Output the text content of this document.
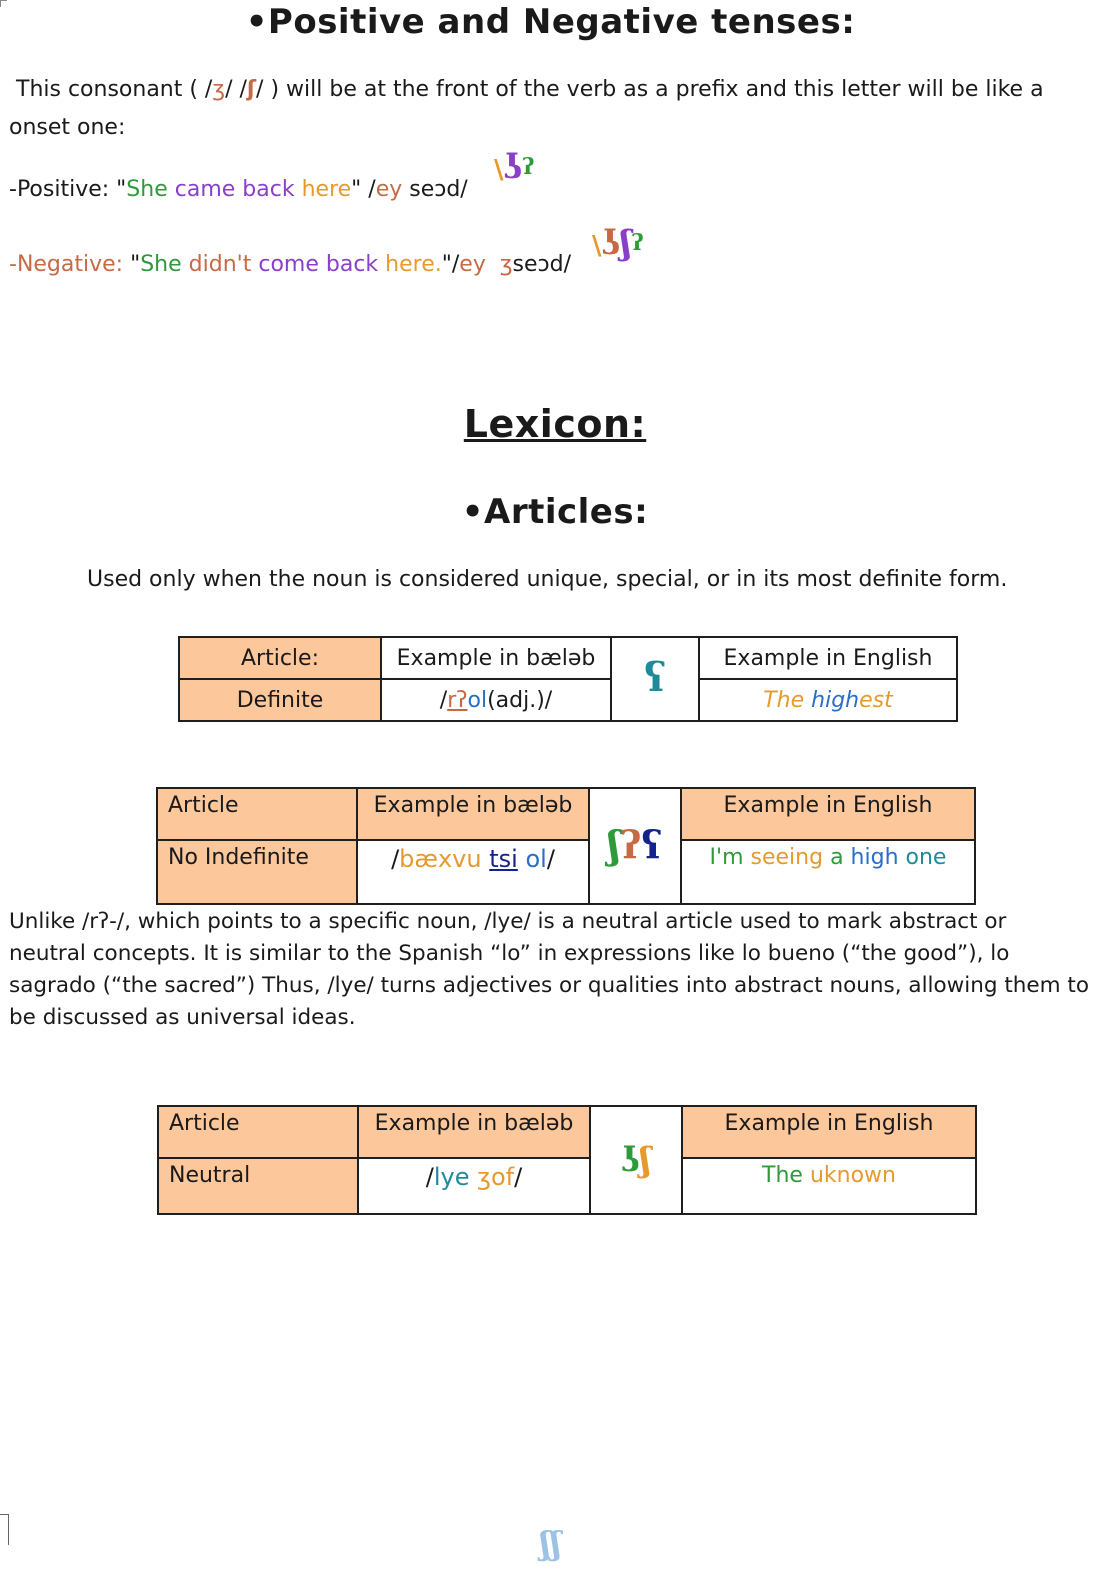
•Positive and Negative tenses:
This consonant ( /ʒ/ /ʃ/ ) will be at the front of the verb as a prefix and this letter will be like a
onset one:
-Positive: "She came back here" /ey seɔd/
\ʖ$^ʔ$
-Negative: "She didn't come back here."/ey  ʒseɔd/
\ʖʃ$^ʔ$
Lexicon:
•Articles:
Used only when the noun is considered unique, special, or in its most definite form.
Article:	Example in bæləb	ʕ	Example in English
Definite	/rʔol(adj.)/		The highest
Article	Example in bæləb	ʃʔʕ	Example in English
No Indefinite	/bæxvu tsi ol/		I'm seeing a high one
Unlike /rʔ-/, which points to a specific noun, /lye/ is a neutral article used to mark abstract or neutral concepts. It is similar to the Spanish “lo” in expressions like lo bueno (“the good”), lo sagrado (“the sacred”) Thus, /lye/ turns adjectives or qualities into abstract nouns, allowing them to be discussed as universal ideas.
Article	Example in bæləb	ʖʃ	Example in English
Neutral	/lye ʒof/		The uknown
ʃʃ
